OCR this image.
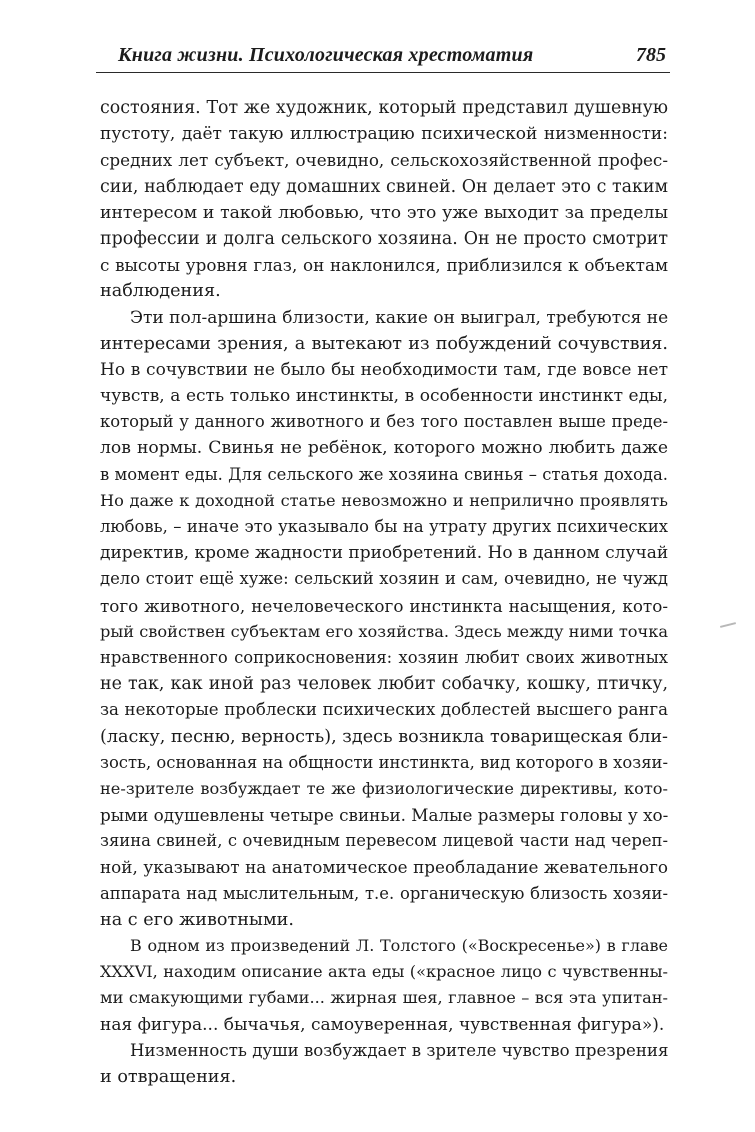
Книга жизни. Психологическая хрестоматия	785
состояния. Тот же художник, который представил душевную
пустоту, даёт такую иллюстрацию психической низменности:
средних лет субъект, очевидно, сельскохозяйственной профес-
сии, наблюдает еду домашних свиней. Он делает это с таким
интересом и такой любовью, что это уже выходит за пределы
профессии и долга сельского хозяина. Он не просто смотрит
с высоты уровня глаз, он наклонился, приблизился к объектам
наблюдения.
Эти пол-аршина близости, какие он выиграл, требуются не
интересами зрения, а вытекают из побуждений сочувствия.
Но в сочувствии не было бы необходимости там, где вовсе нет
чувств, а есть только инстинкты, в особенности инстинкт еды,
который у данного животного и без того поставлен выше преде-
лов нормы. Свинья не ребёнок, которого можно любить даже
в момент еды. Для сельского же хозяина свинья – статья дохода.
Но даже к доходной статье невозможно и неприлично проявлять
любовь, – иначе это указывало бы на утрату других психических
директив, кроме жадности приобретений. Но в данном случай
дело стоит ещё хуже: сельский хозяин и сам, очевидно, не чужд
того животного, нечеловеческого инстинкта насыщения, кото-
рый свойствен субъектам его хозяйства. Здесь между ними точка
нравственного соприкосновения: хозяин любит своих животных
не так, как иной раз человек любит собачку, кошку, птичку,
за некоторые проблески психических доблестей высшего ранга
(ласку, песню, верность), здесь возникла товарищеская бли-
зость, основанная на общности инстинкта, вид которого в хозяи-
не-зрителе возбуждает те же физиологические директивы, кото-
рыми одушевлены четыре свиньи. Малые размеры головы у хо-
зяина свиней, с очевидным перевесом лицевой части над череп-
ной, указывают на анатомическое преобладание жевательного
аппарата над мыслительным, т.е. органическую близость хозяи-
на с его животными.
В одном из произведений Л. Толстого («Воскресенье») в главе
XXXVI, находим описание акта еды («красное лицо с чувственны-
ми смакующими губами... жирная шея, главное – вся эта упитан-
ная фигура... бычачья, самоуверенная, чувственная фигура»).
Низменность души возбуждает в зрителе чувство презрения
и отвращения.
